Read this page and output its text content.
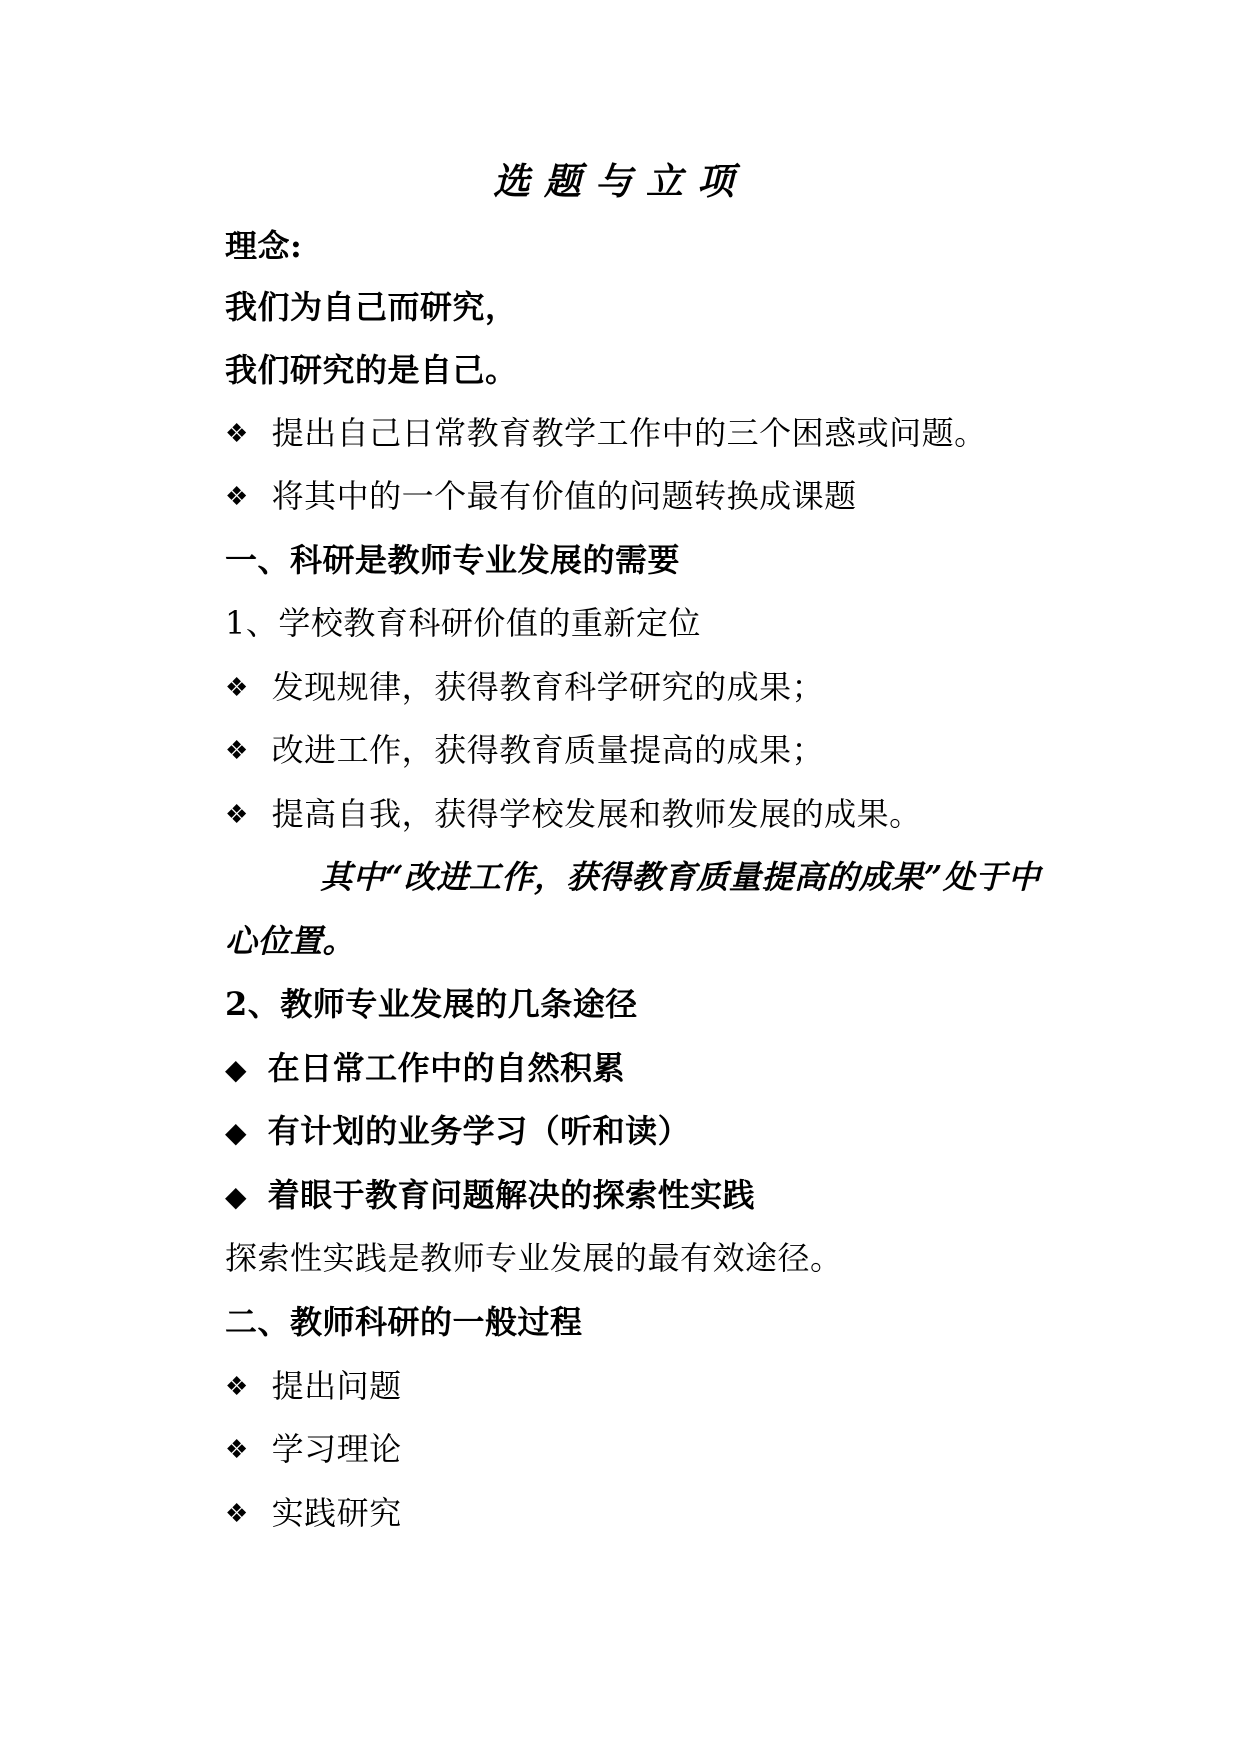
选题与立项
理念:
我们为自己而研究，
我们研究的是自己。
❖ 提出自己日常教育教学工作中的三个困惑或问题。
❖ 将其中的一个最有价值的问题转换成课题
一、科研是教师专业发展的需要
1、学校教育科研价值的重新定位
❖ 发现规律，获得教育科学研究的成果；
❖ 改进工作，获得教育质量提高的成果；
❖ 提高自我，获得学校发展和教师发展的成果。
其中“改进工作，获得教育质量提高的成果”处于中
心位置。
2、教师专业发展的几条途径
◆ 在日常工作中的自然积累
◆ 有计划的业务学习（听和读）
◆ 着眼于教育问题解决的探索性实践
探索性实践是教师专业发展的最有效途径。
二、教师科研的一般过程
❖ 提出问题
❖ 学习理论
❖ 实践研究
